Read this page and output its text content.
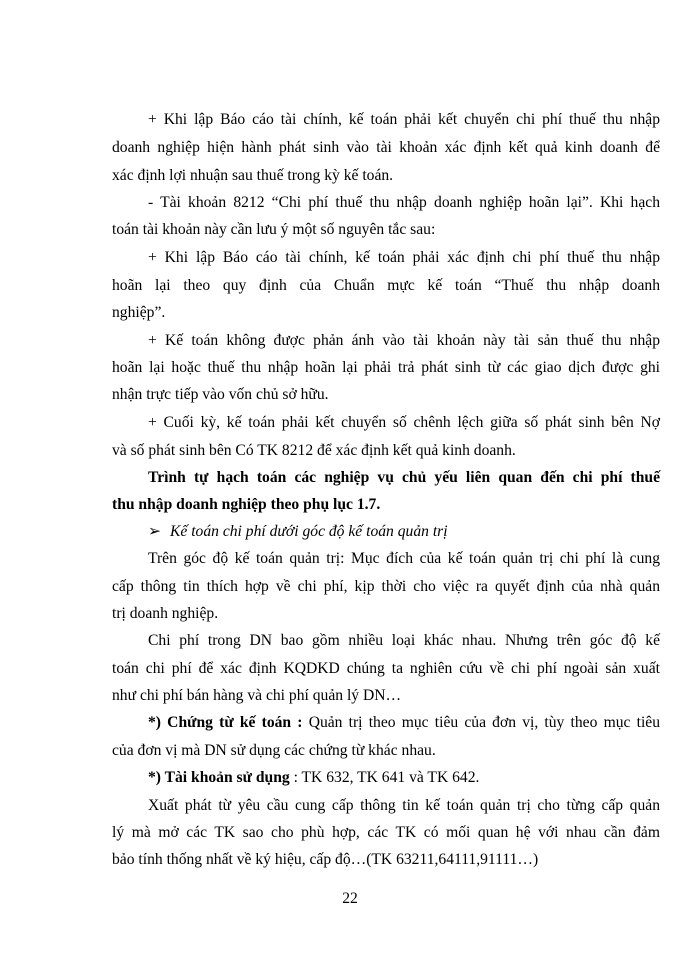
+ Khi lập Báo cáo tài chính, kế toán phải kết chuyển chi phí thuế thu nhập
doanh nghiệp hiện hành phát sinh vào tài khoản xác định kết quả kinh doanh để
xác định lợi nhuận sau thuế trong kỳ kế toán.
- Tài khoản 8212 “Chi phí thuế thu nhập doanh nghiệp hoãn lại”. Khi hạch
toán tài khoản này cần lưu ý một số nguyên tắc sau:
+ Khi lập Báo cáo tài chính, kế toán phải xác định chi phí thuế thu nhập
hoãn lại theo quy định của Chuẩn mực kế toán “Thuế thu nhập doanh
nghiệp”.
+ Kế toán không được phản ánh vào tài khoản này tài sản thuế thu nhập
hoãn lại hoặc thuế thu nhập hoãn lại phải trả phát sinh từ các giao dịch được ghi
nhận trực tiếp vào vốn chủ sở hữu.
+ Cuối kỳ, kế toán phải kết chuyển số chênh lệch giữa số phát sinh bên Nợ
và số phát sinh bên Có TK 8212 để xác định kết quả kinh doanh.
Trình tự hạch toán các nghiệp vụ chủ yếu liên quan đến chi phí thuế
thu nhập doanh nghiệp theo phụ lục 1.7.
➢ Kế toán chi phí dưới góc độ kế toán quản trị
Trên góc độ kế toán quản trị: Mục đích của kế toán quản trị chi phí là cung
cấp thông tin thích hợp về chi phí, kịp thời cho việc ra quyết định của nhà quản
trị doanh nghiệp.
Chi phí trong DN bao gồm nhiều loại khác nhau. Nhưng trên góc độ kế
toán chi phí để xác định KQDKD chúng ta nghiên cứu về chi phí ngoài sản xuất
như chi phí bán hàng và chi phí quản lý DN…
*) Chứng từ kế toán : Quản trị theo mục tiêu của đơn vị, tùy theo mục tiêu
của đơn vị mà DN sử dụng các chứng từ khác nhau.
*) Tài khoản sử dụng : TK 632, TK 641 và TK 642.
Xuất phát từ yêu cầu cung cấp thông tin kế toán quản trị cho từng cấp quản
lý mà mở các TK sao cho phù hợp, các TK có mối quan hệ với nhau cần đảm
bảo tính thống nhất về ký hiệu, cấp độ…(TK 63211,64111,91111…)
22
